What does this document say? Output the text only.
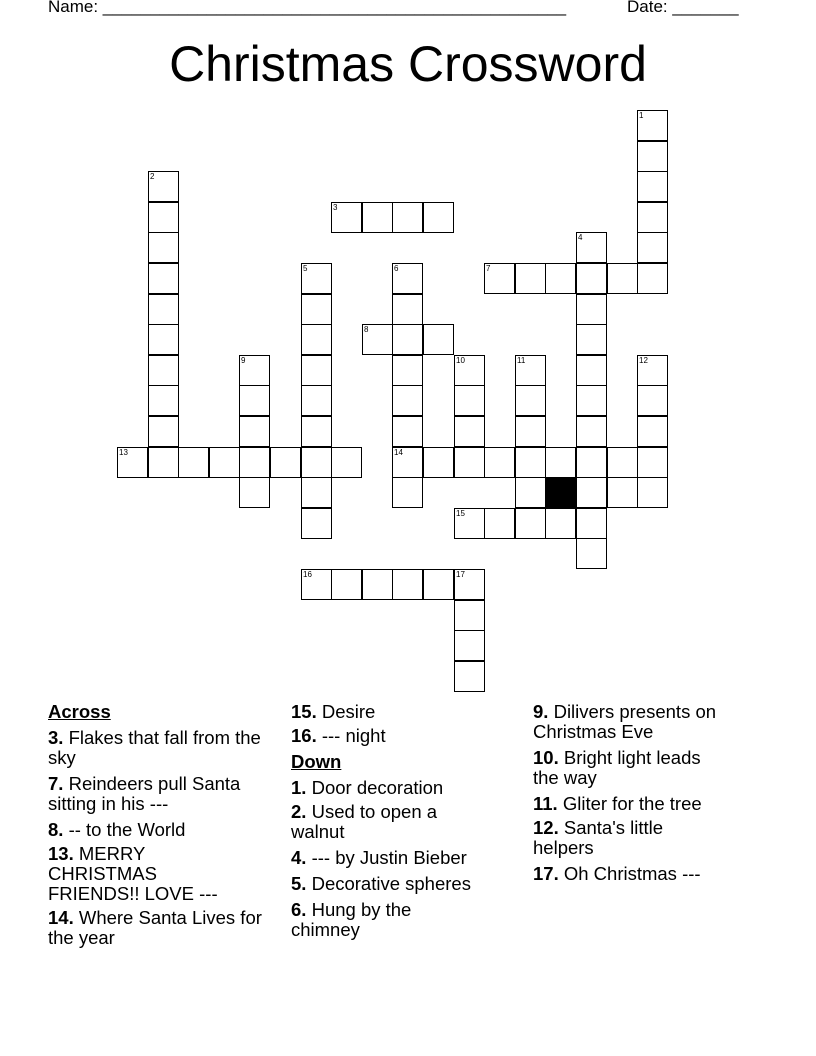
Name: _________________________________________________	Date: _______
Christmas Crossword
1
2
4
5	6
14
9	10	11	12
17
3
7
8
13
15
16
Across
3. Flakes that fall from the sky
7. Reindeers pull Santa sitting in his ---
8. -- to the World
13. MERRY CHRISTMAS FRIENDS!! LOVE ---
14. Where Santa Lives for the year
15. Desire
16. --- night
Down
1. Door decoration
2. Used to open a walnut
4. --- by Justin Bieber
5. Decorative spheres
6. Hung by the chimney
9. Dilivers presents on Christmas Eve
10. Bright light leads the way
11. Gliter for the tree
12. Santa's little helpers
17. Oh Christmas ---
